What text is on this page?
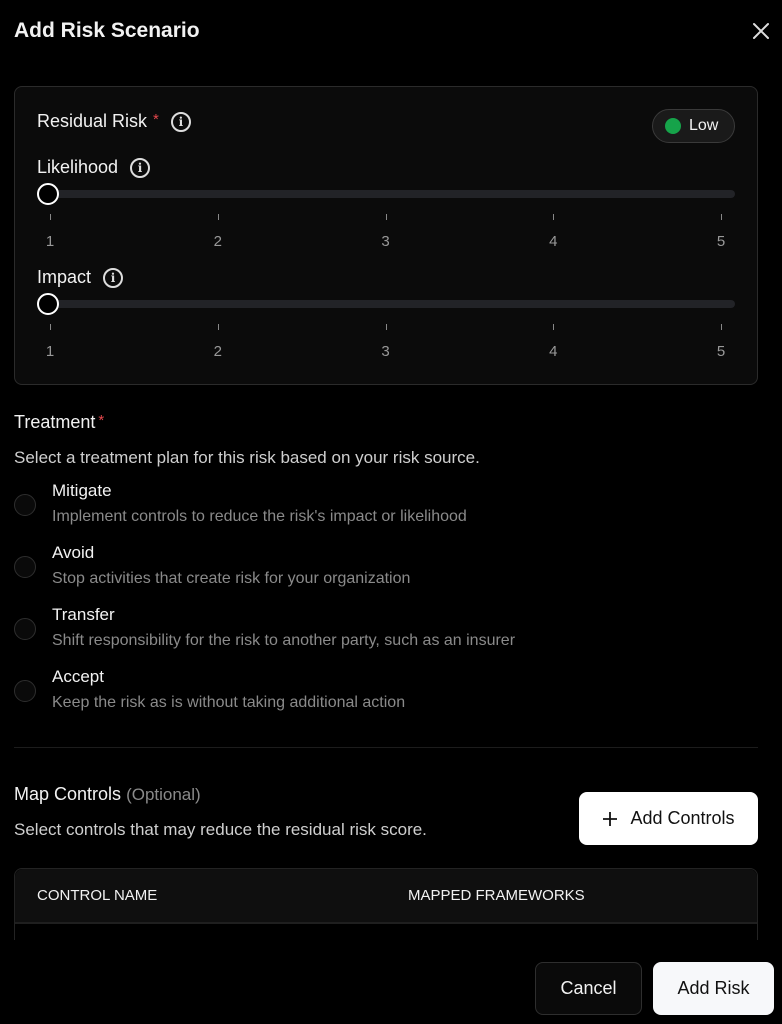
Add Risk Scenario
Residual Risk *	i	Low
Likelihood	i
1	2	3	4	5
Impact	i
1	2	3	4	5
Treatment *
Select a treatment plan for this risk based on your risk source.
Mitigate
Implement controls to reduce the risk's impact or likelihood
Avoid
Stop activities that create risk for your organization
Transfer
Shift responsibility for the risk to another party, such as an insurer
Accept
Keep the risk as is without taking additional action
Map Controls (Optional)
Select controls that may reduce the residual risk score.
Add Controls
CONTROL NAME	MAPPED FRAMEWORKS
Cancel	Add Risk
